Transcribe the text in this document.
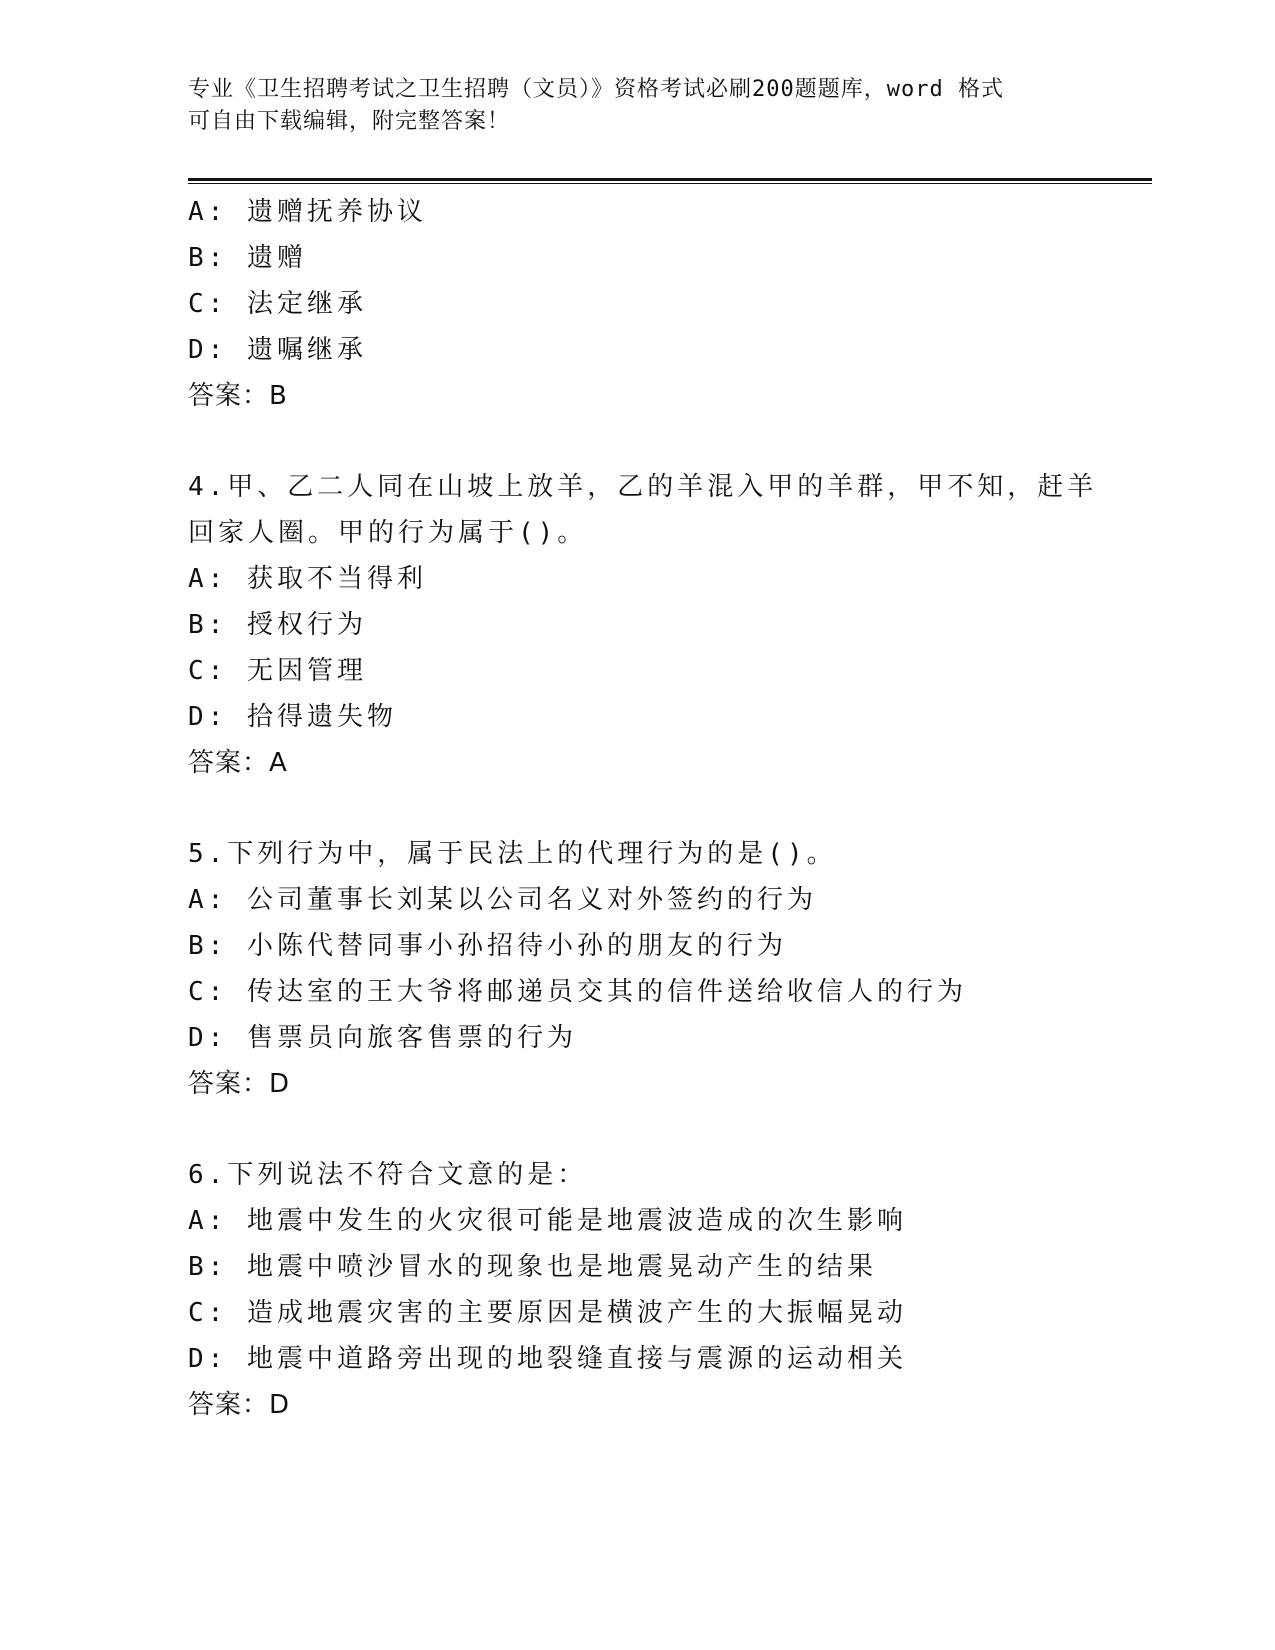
专业《卫生招聘考试之卫生招聘（文员）》资格考试必刷200题题库，word 格式
可自由下载编辑，附完整答案！
A: 遗赠抚养协议
B: 遗赠
C: 法定继承
D: 遗嘱继承
答案：B
4.甲、乙二人同在山坡上放羊，乙的羊混入甲的羊群，甲不知，赶羊
回家人圈。甲的行为属于()。
A: 获取不当得利
B: 授权行为
C: 无因管理
D: 拾得遗失物
答案：A
5.下列行为中，属于民法上的代理行为的是()。
A: 公司董事长刘某以公司名义对外签约的行为
B: 小陈代替同事小孙招待小孙的朋友的行为
C: 传达室的王大爷将邮递员交其的信件送给收信人的行为
D: 售票员向旅客售票的行为
答案：D
6.下列说法不符合文意的是：
A: 地震中发生的火灾很可能是地震波造成的次生影响
B: 地震中喷沙冒水的现象也是地震晃动产生的结果
C: 造成地震灾害的主要原因是横波产生的大振幅晃动
D: 地震中道路旁出现的地裂缝直接与震源的运动相关
答案：D
